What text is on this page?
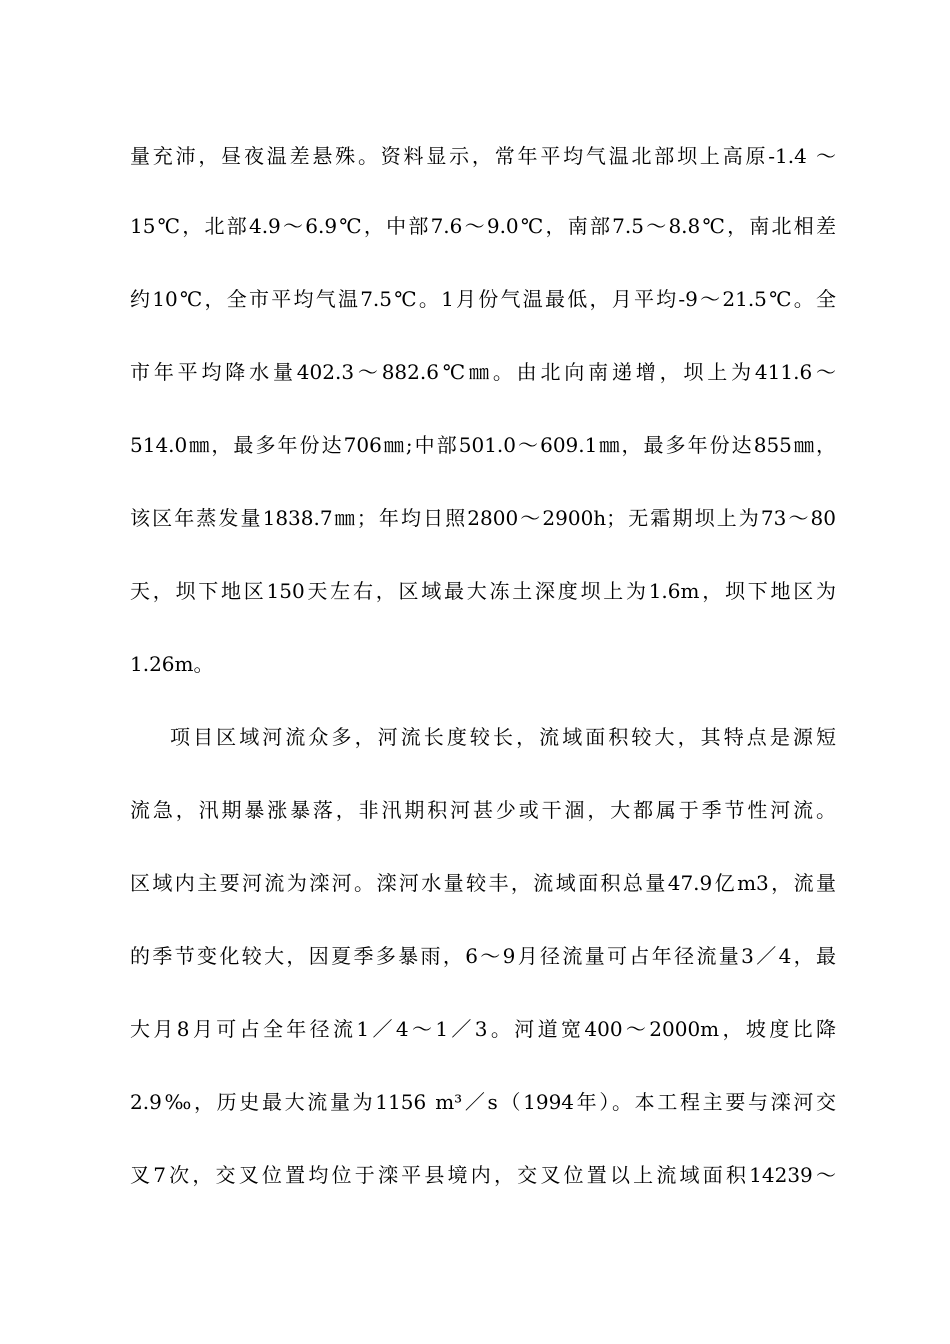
量充沛，昼夜温差悬殊。资料显示，常年平均气温北部坝上高原-1.4 ～
15℃，北部4.9～6.9℃，中部7.6～9.0℃，南部7.5～8.8℃，南北相差
约10℃，全市平均气温7.5℃。1月份气温最低，月平均-9～21.5℃。全
市年平均降水量402.3～882.6℃㎜。由北向南递增，坝上为411.6～
514.0㎜，最多年份达706㎜;中部501.0～609.1㎜，最多年份达855㎜，
该区年蒸发量1838.7㎜；年均日照2800～2900h；无霜期坝上为73～80
天，坝下地区150天左右，区域最大冻土深度坝上为1.6m，坝下地区为
1.26m。
项目区域河流众多，河流长度较长，流域面积较大，其特点是源短
流急，汛期暴涨暴落，非汛期积河甚少或干涸，大都属于季节性河流。
区域内主要河流为滦河。滦河水量较丰，流域面积总量47.9亿m3，流量
的季节变化较大，因夏季多暴雨，6～9月径流量可占年径流量3／4，最
大月8月可占全年径流1／4～1／3。河道宽400～2000m，坡度比降
2.9‰，历史最大流量为1156 m³／s（1994年）。本工程主要与滦河交
叉7次，交叉位置均位于滦平县境内，交叉位置以上流域面积14239～
